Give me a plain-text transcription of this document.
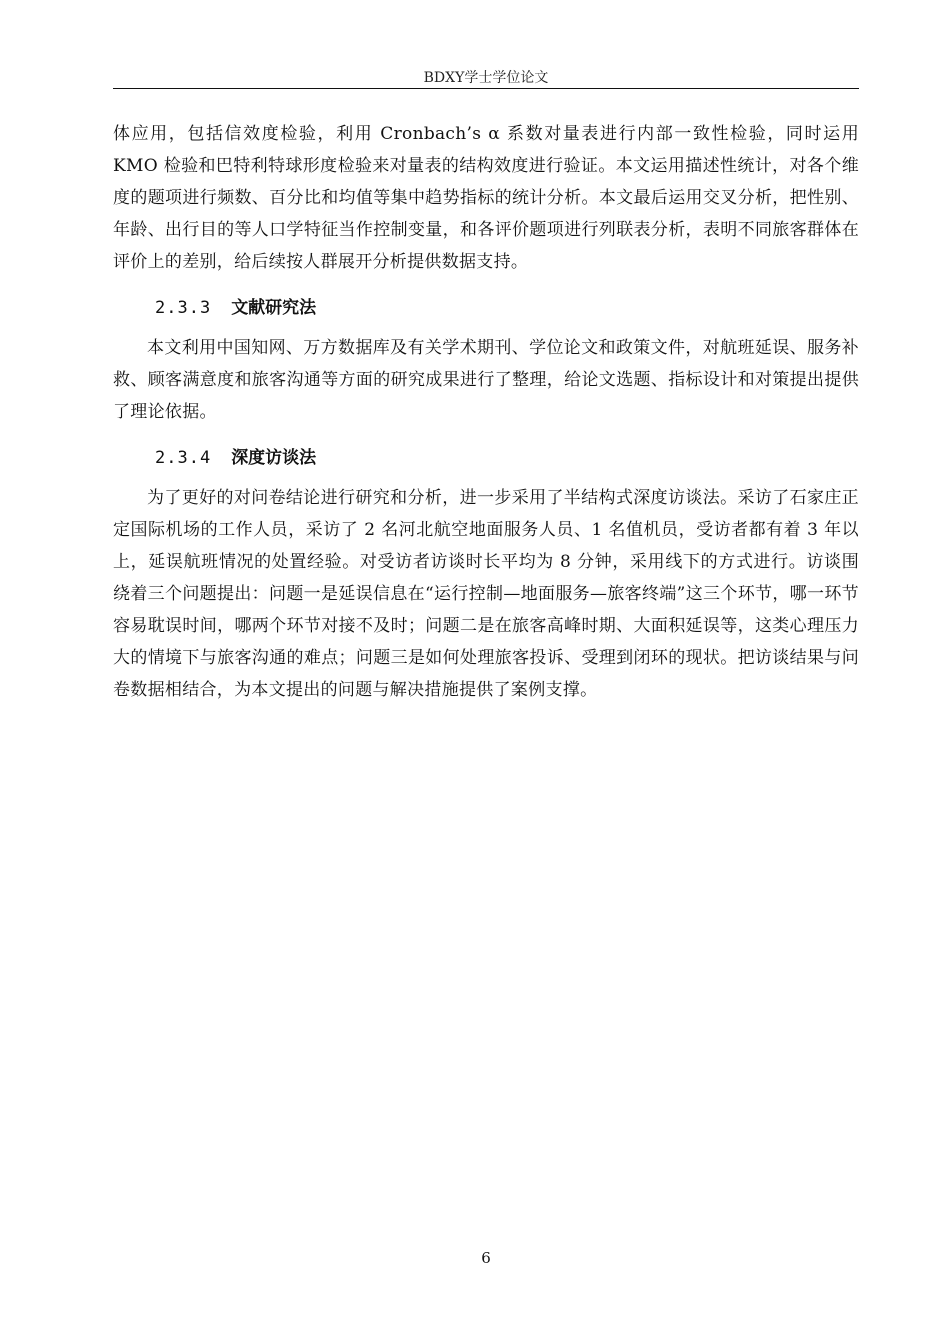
BDXY学士学位论文

体应用，包括信效度检验，利用 Cronbach’s α 系数对量表进行内部一致性检验，同时运用 KMO 检验和巴特利特球形度检验来对量表的结构效度进行验证。本文运用描述性统计，对各个维度的题项进行频数、百分比和均值等集中趋势指标的统计分析。本文最后运用交叉分析，把性别、年龄、出行目的等人口学特征当作控制变量，和各评价题项进行列联表分析，表明不同旅客群体在评价上的差别，给后续按人群展开分析提供数据支持。

2.3.3 文献研究法

本文利用中国知网、万方数据库及有关学术期刊、学位论文和政策文件，对航班延误、服务补救、顾客满意度和旅客沟通等方面的研究成果进行了整理，给论文选题、指标设计和对策提出提供了理论依据。

2.3.4 深度访谈法

为了更好的对问卷结论进行研究和分析，进一步采用了半结构式深度访谈法。采访了石家庄正定国际机场的工作人员，采访了 2 名河北航空地面服务人员、1 名值机员，受访者都有着 3 年以上，延误航班情况的处置经验。对受访者访谈时长平均为 8 分钟，采用线下的方式进行。访谈围绕着三个问题提出：问题一是延误信息在“运行控制—地面服务—旅客终端”这三个环节，哪一环节容易耽误时间，哪两个环节对接不及时；问题二是在旅客高峰时期、大面积延误等，这类心理压力大的情境下与旅客沟通的难点；问题三是如何处理旅客投诉、受理到闭环的现状。把访谈结果与问卷数据相结合，为本文提出的问题与解决措施提供了案例支撑。

6
